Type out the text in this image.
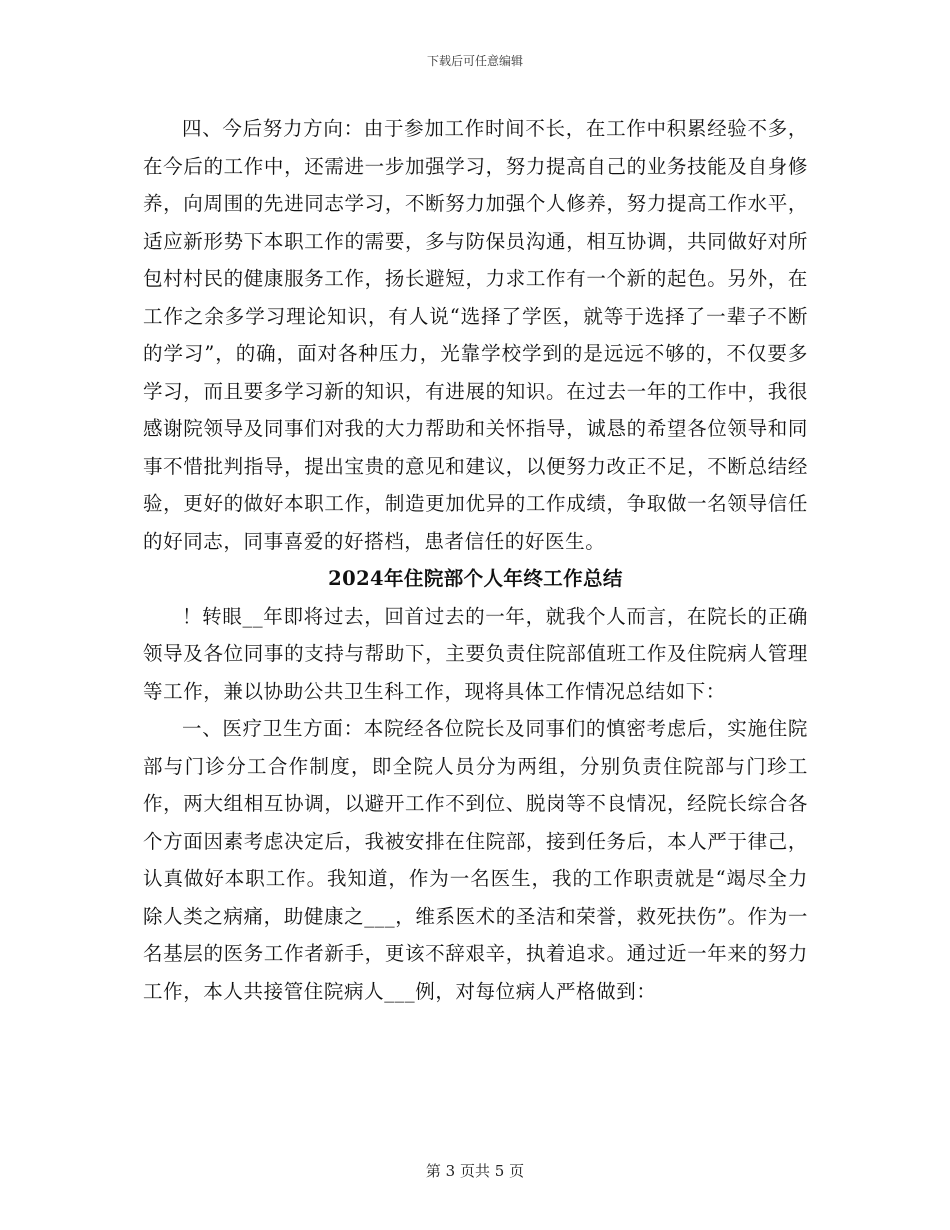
下载后可任意编辑

四、今后努力方向：由于参加工作时间不长，在工作中积累经验不多，在今后的工作中，还需进一步加强学习，努力提高自己的业务技能及自身修养，向周围的先进同志学习，不断努力加强个人修养，努力提高工作水平，适应新形势下本职工作的需要，多与防保员沟通，相互协调，共同做好对所包村村民的健康服务工作，扬长避短，力求工作有一个新的起色。另外，在工作之余多学习理论知识，有人说“选择了学医，就等于选择了一辈子不断的学习”，的确，面对各种压力，光靠学校学到的是远远不够的，不仅要多学习，而且要多学习新的知识，有进展的知识。在过去一年的工作中，我很感谢院领导及同事们对我的大力帮助和关怀指导，诚恳的希望各位领导和同事不惜批判指导，提出宝贵的意见和建议，以便努力改正不足，不断总结经验，更好的做好本职工作，制造更加优异的工作成绩，争取做一名领导信任的好同志，同事喜爱的好搭档，患者信任的好医生。

2024年住院部个人年终工作总结

！转眼__年即将过去，回首过去的一年，就我个人而言，在院长的正确领导及各位同事的支持与帮助下，主要负责住院部值班工作及住院病人管理等工作，兼以协助公共卫生科工作，现将具体工作情况总结如下：

一、医疗卫生方面：本院经各位院长及同事们的慎密考虑后，实施住院部与门诊分工合作制度，即全院人员分为两组，分别负责住院部与门珍工作，两大组相互协调，以避开工作不到位、脱岗等不良情况，经院长综合各个方面因素考虑决定后，我被安排在住院部，接到任务后，本人严于律己，认真做好本职工作。我知道，作为一名医生，我的工作职责就是“竭尽全力除人类之病痛，助健康之___，维系医术的圣洁和荣誉，救死扶伤”。作为一名基层的医务工作者新手，更该不辞艰辛，执着追求。通过近一年来的努力工作，本人共接管住院病人___例，对每位病人严格做到：

第 3 页共 5 页
